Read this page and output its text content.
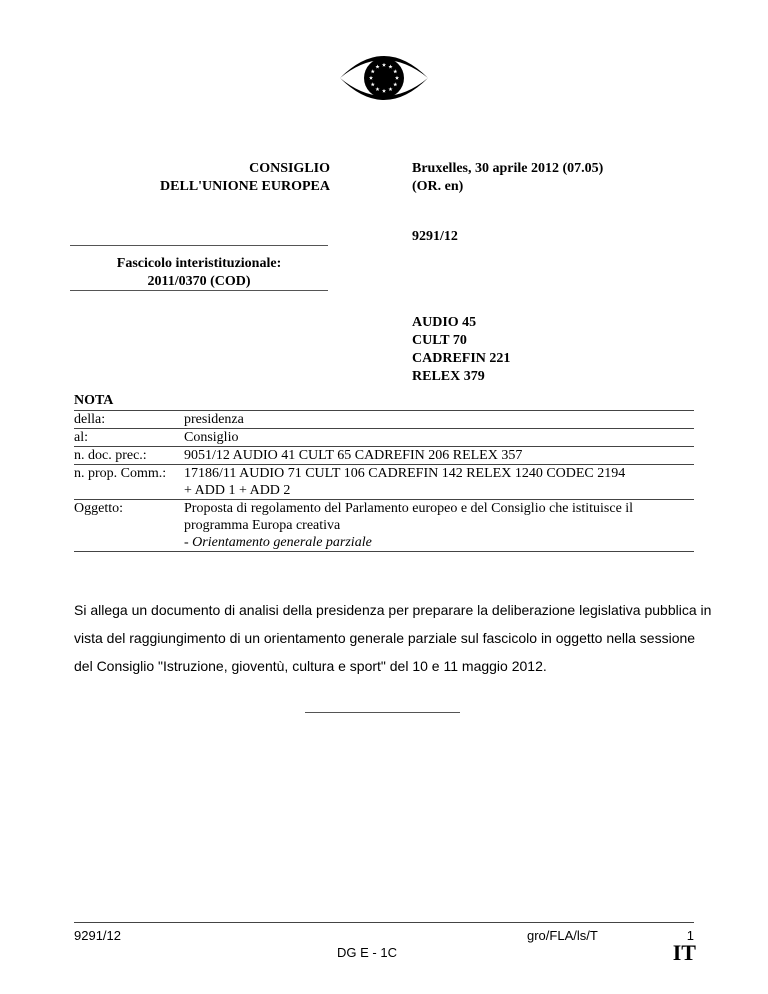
CONSIGLIO
DELL'UNIONE EUROPEA
Bruxelles, 30 aprile 2012 (07.05)
(OR. en)
9291/12
Fascicolo interistituzionale:
2011/0370 (COD)
AUDIO 45
CULT 70
CADREFIN 221
RELEX 379
NOTA
della:	presidenza
al:	Consiglio
n. doc. prec.:	9051/12 AUDIO 41 CULT 65 CADREFIN 206 RELEX 357
n. prop. Comm.:	17186/11 AUDIO 71 CULT 106 CADREFIN 142 RELEX 1240 CODEC 2194
+ ADD 1 + ADD 2

Oggetto:	Proposta di regolamento del Parlamento europeo e del Consiglio che istituisce il programma Europa creativa
- Orientamento generale parziale
Si allega un documento di analisi della presidenza per preparare la deliberazione legislativa pubblica in vista del raggiungimento di un orientamento generale parziale sul fascicolo in oggetto nella sessione del Consiglio "Istruzione, gioventù, cultura e sport" del 10 e 11 maggio 2012.
9291/12
DG E - 1C
gro/FLA/ls/T	1
IT
